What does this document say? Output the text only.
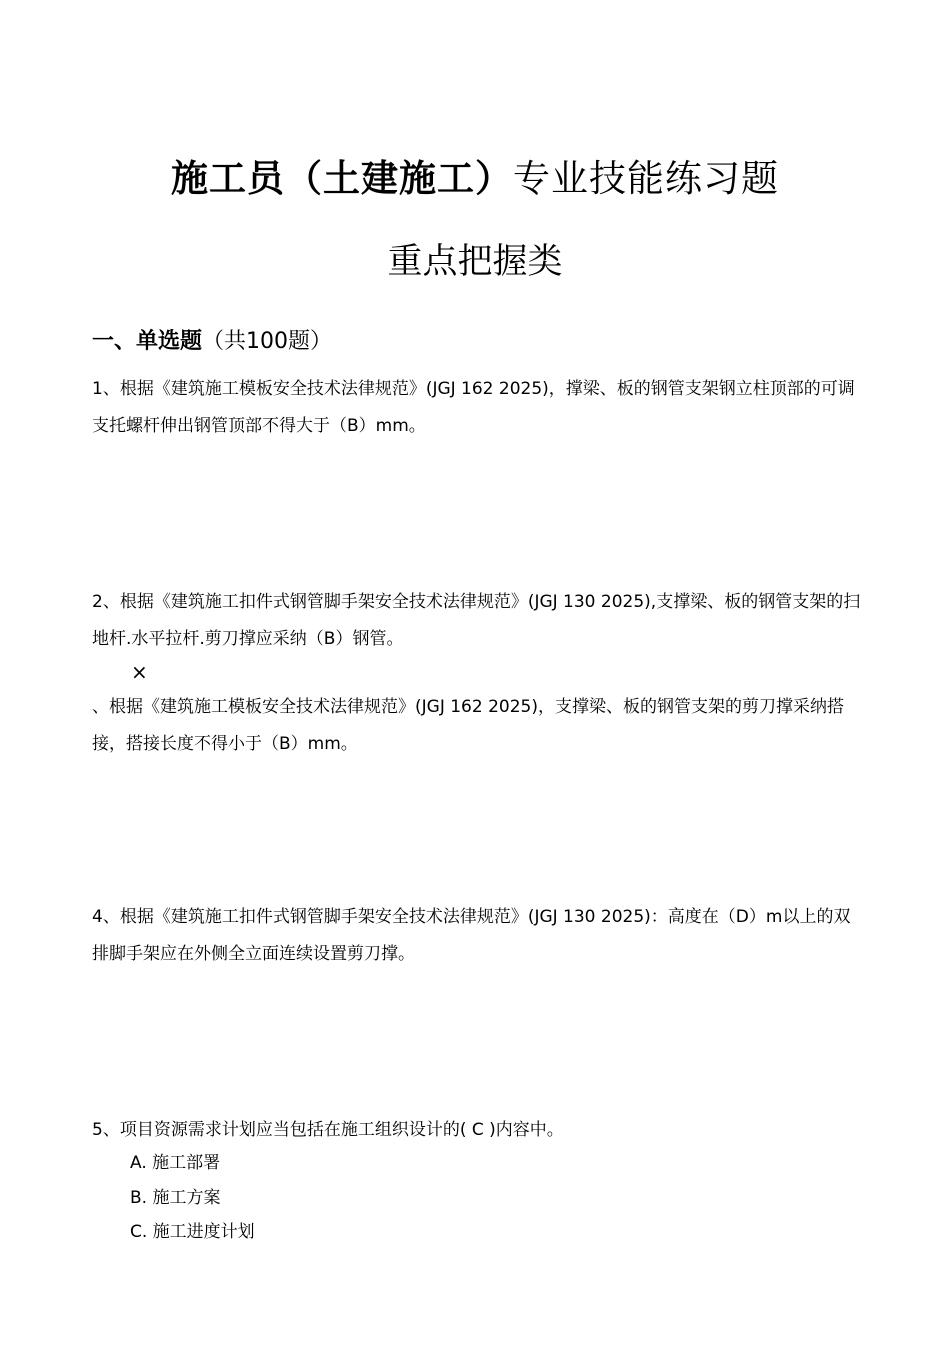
施工员（土建施工）专业技能练习题
重点把握类
一、单选题（共100题）
1、根据《建筑施工模板安全技术法律规范》(JGJ 162 2025)，撑梁、板的钢管支架钢立柱顶部的可调支托螺杆伸出钢管顶部不得大于（B）mm。
2、根据《建筑施工扣件式钢管脚手架安全技术法律规范》(JGJ 130 2025),支撑梁、板的钢管支架的扫地杆.水平拉杆.剪刀撑应采纳（B）钢管。
×
、根据《建筑施工模板安全技术法律规范》(JGJ 162 2025)，支撑梁、板的钢管支架的剪刀撑采纳搭接，搭接长度不得小于（B）mm。
4、根据《建筑施工扣件式钢管脚手架安全技术法律规范》(JGJ 130 2025)：高度在（D）m以上的双排脚手架应在外侧全立面连续设置剪刀撑。
5、项目资源需求计划应当包括在施工组织设计的( C )内容中。
A. 施工部署
B. 施工方案
C. 施工进度计划
